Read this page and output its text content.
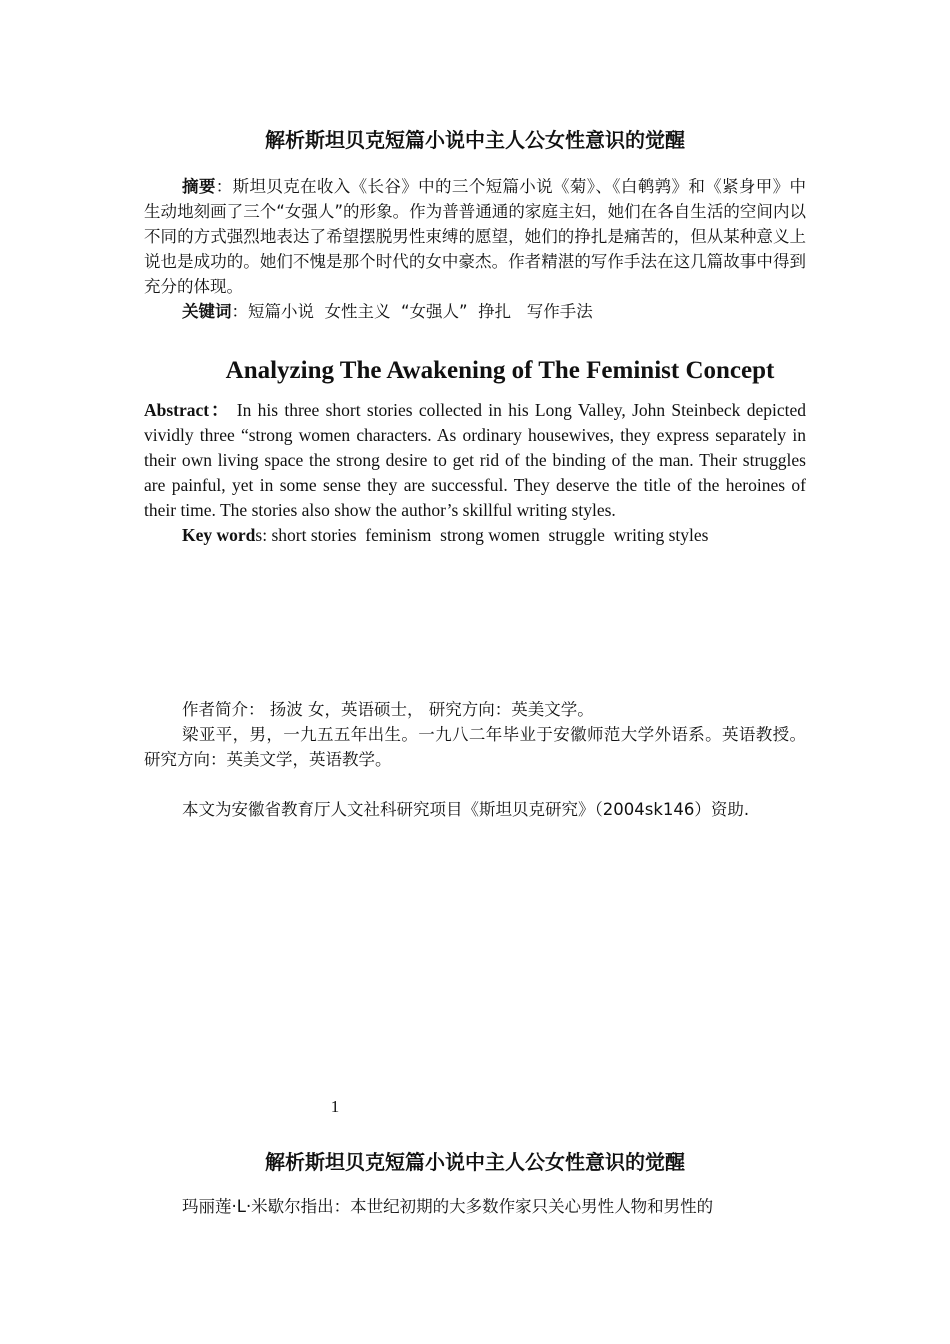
解析斯坦贝克短篇小说中主人公女性意识的觉醒

摘要：斯坦贝克在收入《长谷》中的三个短篇小说《菊》、《白鹌鹑》和《紧身甲》中生动地刻画了三个“女强人”的形象。作为普普通通的家庭主妇，她们在各自生活的空间内以不同的方式强烈地表达了希望摆脱男性束缚的愿望，她们的挣扎是痛苦的，但从某种意义上说也是成功的。她们不愧是那个时代的女中豪杰。作者精湛的写作手法在这几篇故事中得到充分的体现。

关键词：短篇小说  女性主义  “女强人”  挣扎   写作手法

Analyzing The Awakening of The Feminist Concept

Abstract： In his three short stories collected in his Long Valley, John Steinbeck depicted vividly three “strong women characters. As ordinary housewives, they express separately in their own living space the strong desire to get rid of the binding of the man. Their struggles are painful, yet in some sense they are successful. They deserve the title of the heroines of their time. The stories also show the author’s skillful writing styles.

Key words: short stories  feminism  strong women  struggle  writing styles

作者简介： 扬波 女，英语硕士， 研究方向：英美文学。

梁亚平，男，一九五五年出生。一九八二年毕业于安徽师范大学外语系。英语教授。研究方向：英美文学，英语教学。

本文为安徽省教育厅人文社科研究项目《斯坦贝克研究》（2004sk146）资助.

1
解析斯坦贝克短篇小说中主人公女性意识的觉醒

玛丽莲·L·米歇尔指出：本世纪初期的大多数作家只关心男性人物和男性的
